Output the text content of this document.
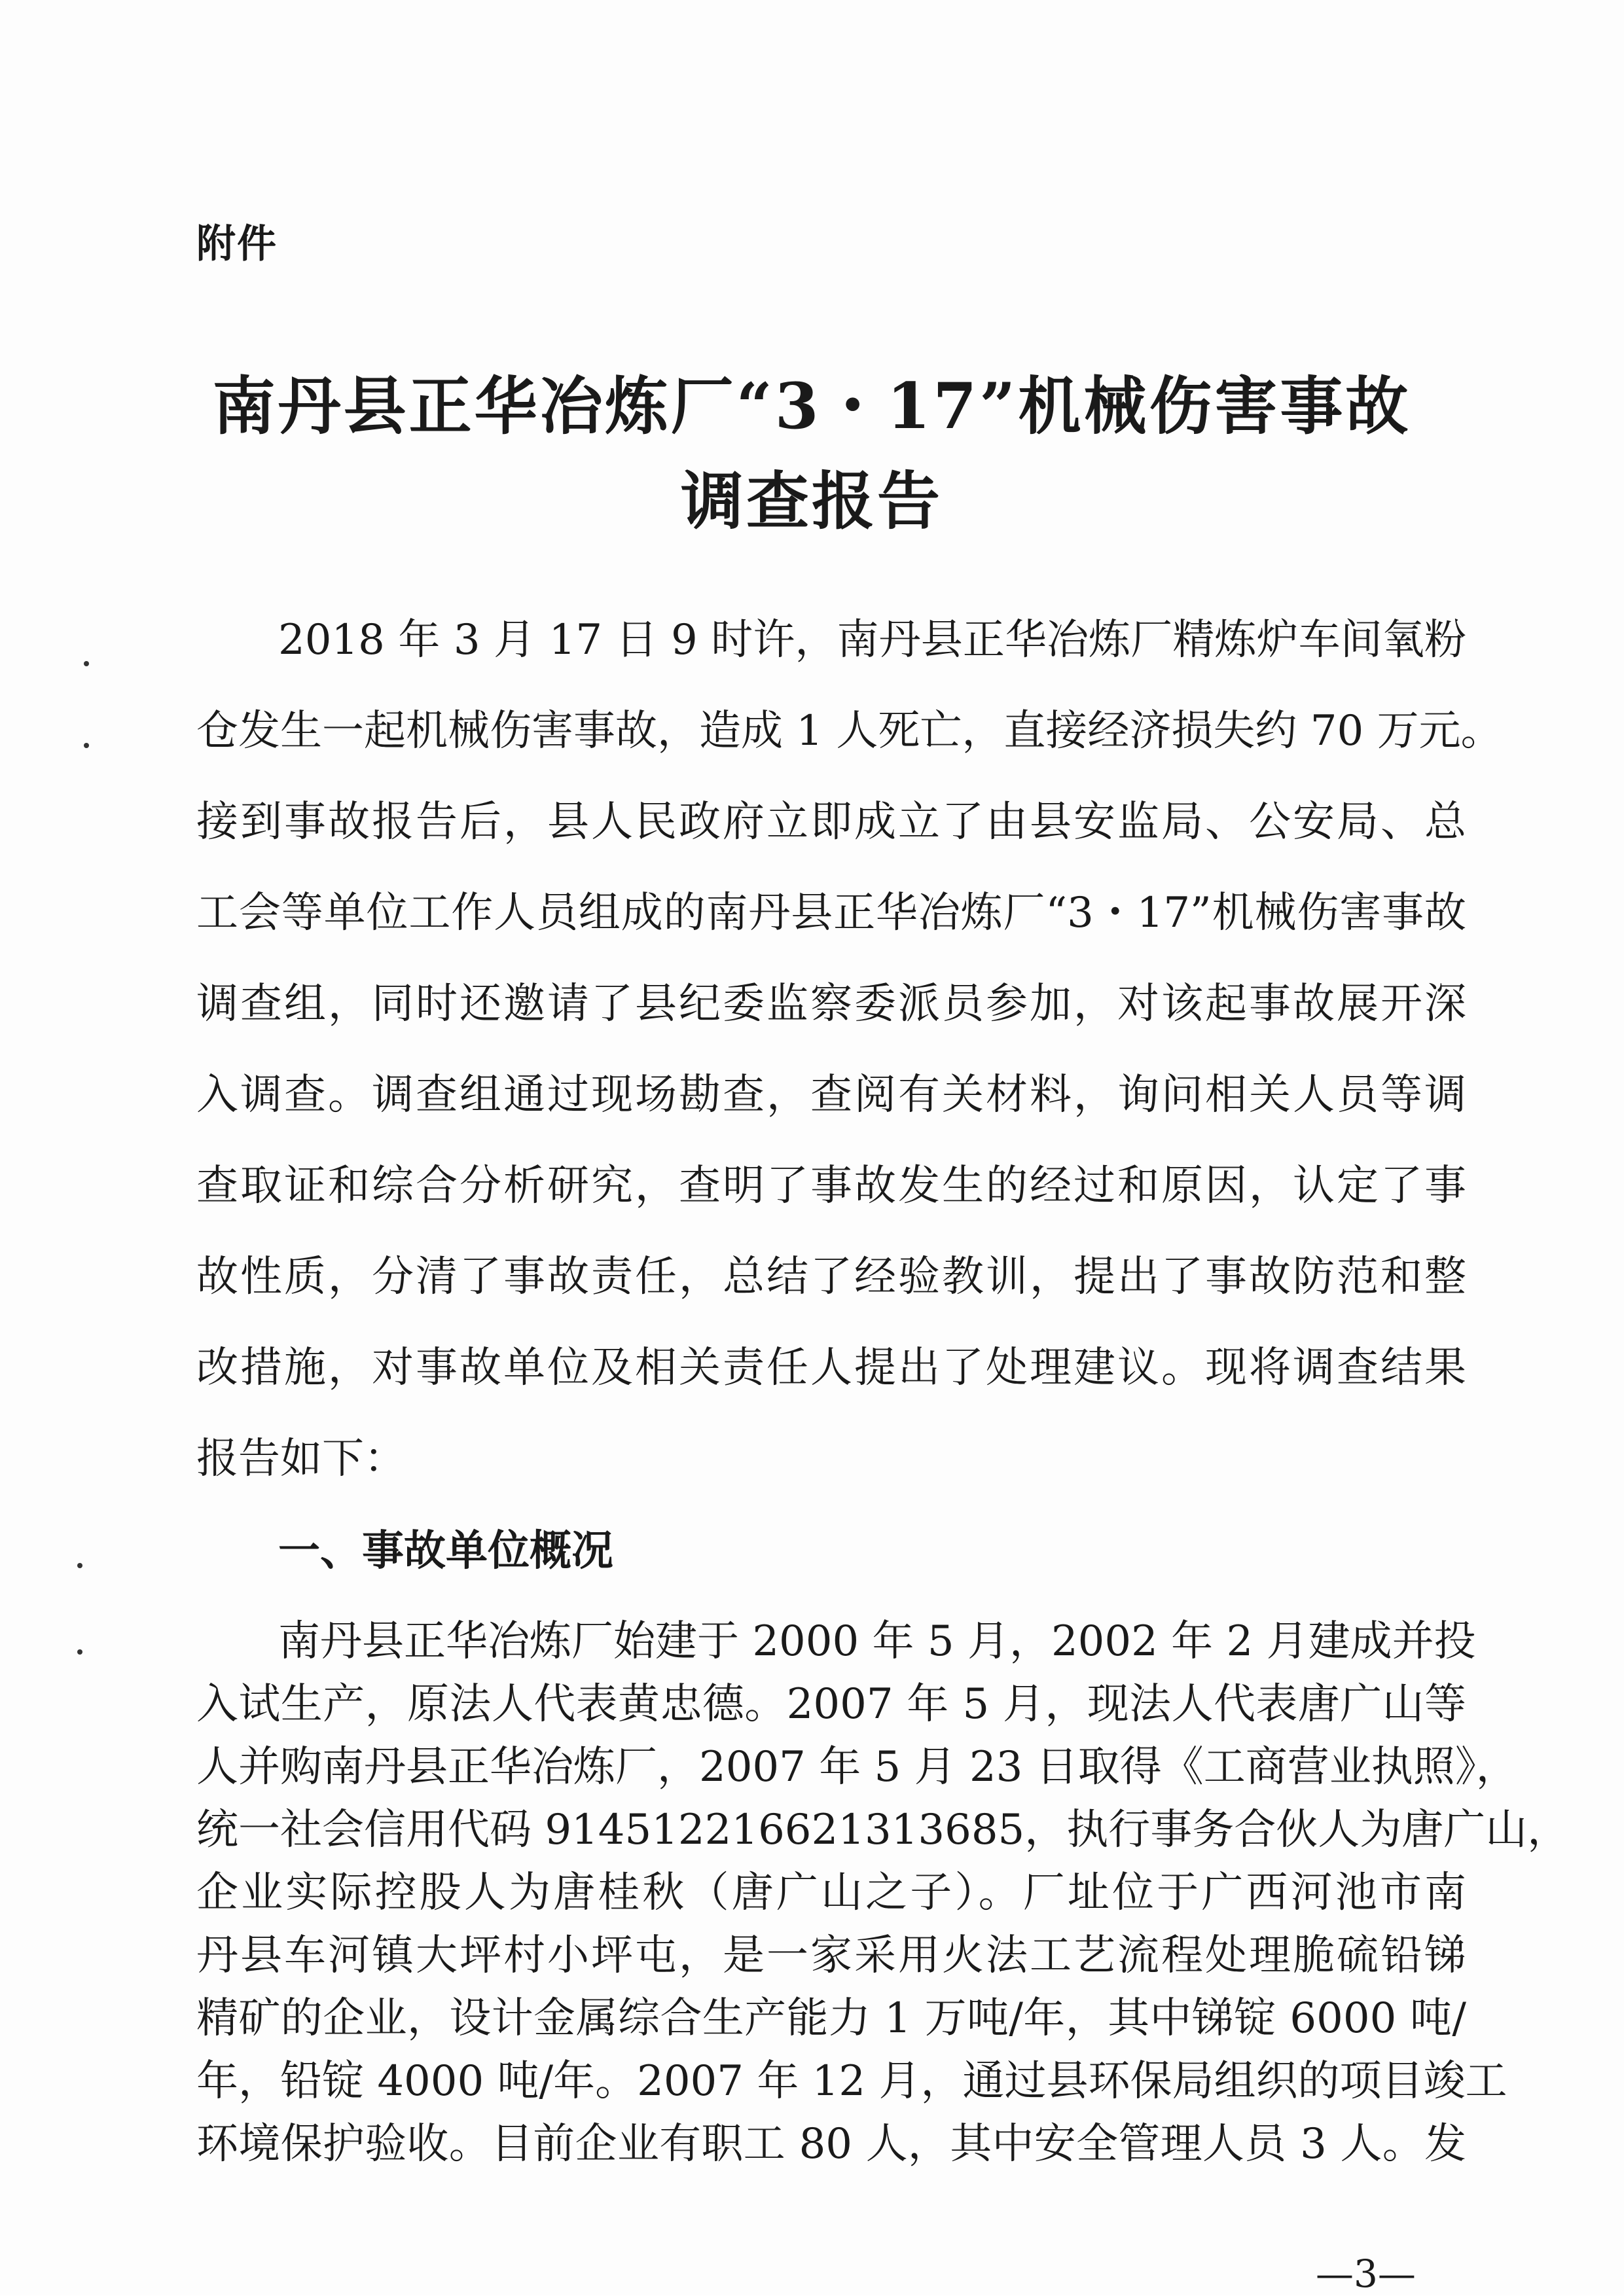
附件
南丹县正华冶炼厂“3・17”机械伤害事故
调查报告
2018 年 3 月 17 日 9 时许，南丹县正华冶炼厂精炼炉车间氧粉
仓发生一起机械伤害事故，造成 1 人死亡，直接经济损失约 70 万元。
接到事故报告后，县人民政府立即成立了由县安监局、公安局、总
工会等单位工作人员组成的南丹县正华冶炼厂“3・17”机械伤害事故
调查组，同时还邀请了县纪委监察委派员参加，对该起事故展开深
入调查。调查组通过现场勘查，查阅有关材料，询问相关人员等调
查取证和综合分析研究，查明了事故发生的经过和原因，认定了事
故性质，分清了事故责任，总结了经验教训，提出了事故防范和整
改措施，对事故单位及相关责任人提出了处理建议。现将调查结果
报告如下：
一、事故单位概况
南丹县正华冶炼厂始建于 2000 年 5 月，2002 年 2 月建成并投
入试生产，原法人代表黄忠德。2007 年 5 月，现法人代表唐广山等
人并购南丹县正华冶炼厂，2007 年 5 月 23 日取得《工商营业执照》，
统一社会信用代码 914512216621313685，执行事务合伙人为唐广山，
企业实际控股人为唐桂秋（唐广山之子）。厂址位于广西河池市南
丹县车河镇大坪村小坪屯，是一家采用火法工艺流程处理脆硫铅锑
精矿的企业，设计金属综合生产能力 1 万吨/年，其中锑锭 6000 吨/
年，铅锭 4000 吨/年。2007 年 12 月，通过县环保局组织的项目竣工
环境保护验收。目前企业有职工 80 人，其中安全管理人员 3 人。发
—3—
